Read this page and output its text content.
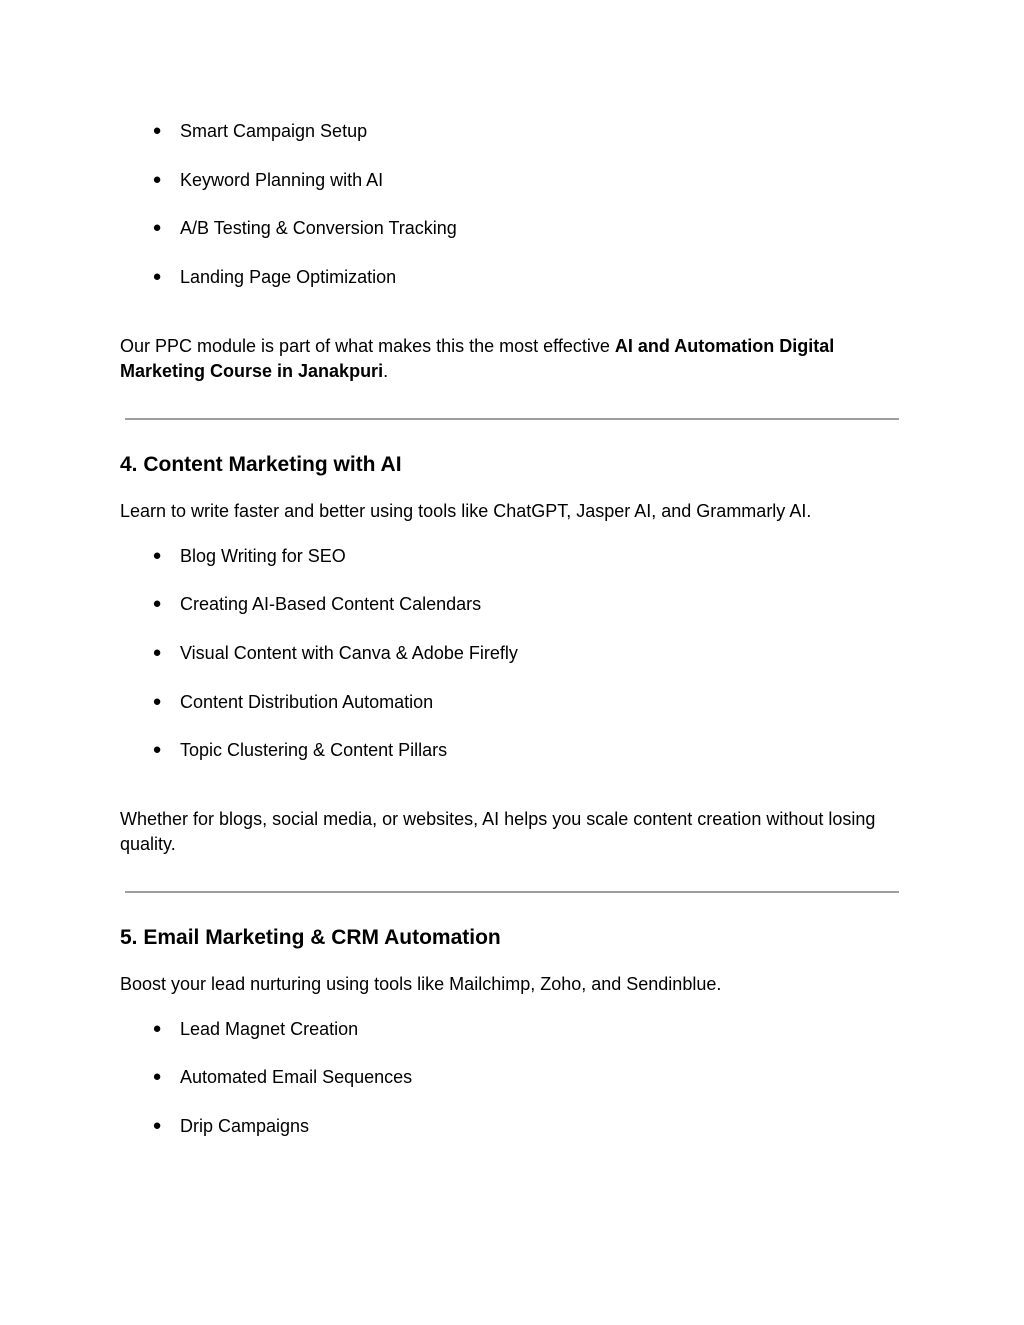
● Smart Campaign Setup
● Keyword Planning with AI
● A/B Testing & Conversion Tracking
● Landing Page Optimization

Our PPC module is part of what makes this the most effective AI and Automation Digital Marketing Course in Janakpuri.

4. Content Marketing with AI

Learn to write faster and better using tools like ChatGPT, Jasper AI, and Grammarly AI.

● Blog Writing for SEO
● Creating AI-Based Content Calendars
● Visual Content with Canva & Adobe Firefly
● Content Distribution Automation
● Topic Clustering & Content Pillars

Whether for blogs, social media, or websites, AI helps you scale content creation without losing quality.

5. Email Marketing & CRM Automation

Boost your lead nurturing using tools like Mailchimp, Zoho, and Sendinblue.

● Lead Magnet Creation
● Automated Email Sequences
● Drip Campaigns
